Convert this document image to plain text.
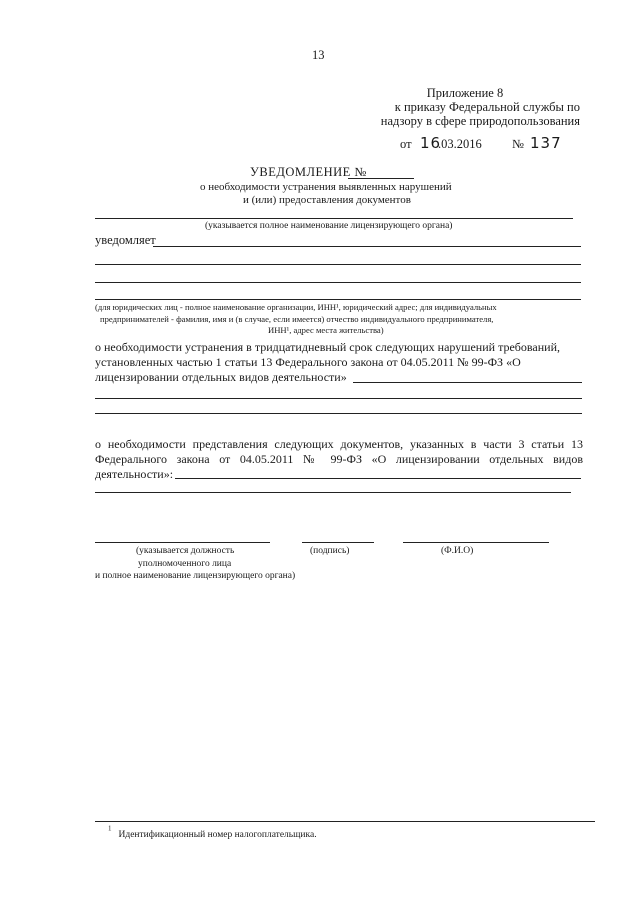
13
Приложение 8
к приказу Федеральной службы по
надзору в сфере природопользования
от 16
.03.2016 № 137
УВЕДОМЛЕНИЕ №
о необходимости устранения выявленных нарушений
и (или) предоставления документов
(указывается полное наименование лицензирующего органа)
уведомляет
(для юридических лиц - полное наименование организации, ИНН¹, юридический адрес; для индивидуальных
предпринимателей - фамилия, имя и (в случае, если имеется) отчество индивидуального предпринимателя,
ИНН¹, адрес места жительства)
о необходимости устранения в тридцатидневный срок следующих нарушений требований,
установленных частью 1 статьи 13 Федерального закона от 04.05.2011 № 99-ФЗ «О
лицензировании отдельных видов деятельности»
о необходимости представления следующих документов, указанных в части 3 статьи 13
Федерального закона от 04.05.2011 № 99-ФЗ «О лицензировании отдельных видов
деятельности»:
(указывается должность	(подпись)	(Ф.И.О)
уполномоченного лица
и полное наименование лицензирующего органа)
$^1$ Идентификационный номер налогоплательщика.
